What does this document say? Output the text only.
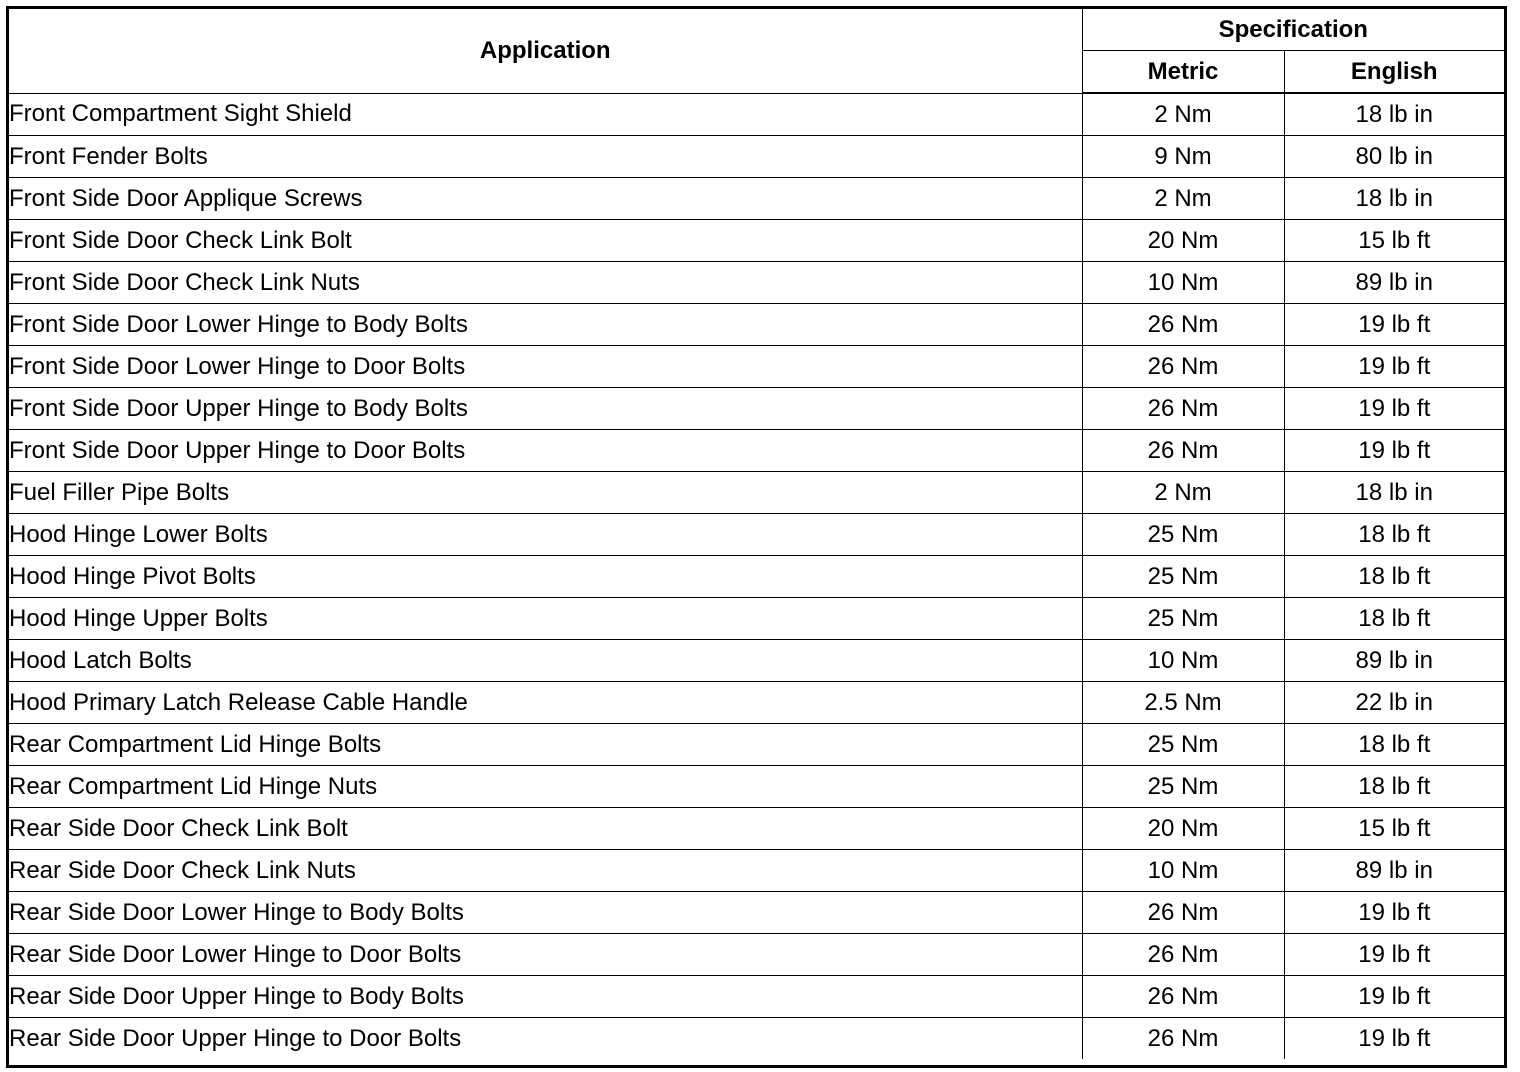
Application	Specification	
	Metric	English
Front Compartment Sight Shield	2 Nm	18 lb in
Front Fender Bolts	9 Nm	80 lb in
Front Side Door Applique Screws	2 Nm	18 lb in
Front Side Door Check Link Bolt	20 Nm	15 lb ft
Front Side Door Check Link Nuts	10 Nm	89 lb in
Front Side Door Lower Hinge to Body Bolts	26 Nm	19 lb ft
Front Side Door Lower Hinge to Door Bolts	26 Nm	19 lb ft
Front Side Door Upper Hinge to Body Bolts	26 Nm	19 lb ft
Front Side Door Upper Hinge to Door Bolts	26 Nm	19 lb ft
Fuel Filler Pipe Bolts	2 Nm	18 lb in
Hood Hinge Lower Bolts	25 Nm	18 lb ft
Hood Hinge Pivot Bolts	25 Nm	18 lb ft
Hood Hinge Upper Bolts	25 Nm	18 lb ft
Hood Latch Bolts	10 Nm	89 lb in
Hood Primary Latch Release Cable Handle	2.5 Nm	22 lb in
Rear Compartment Lid Hinge Bolts	25 Nm	18 lb ft
Rear Compartment Lid Hinge Nuts	25 Nm	18 lb ft
Rear Side Door Check Link Bolt	20 Nm	15 lb ft
Rear Side Door Check Link Nuts	10 Nm	89 lb in
Rear Side Door Lower Hinge to Body Bolts	26 Nm	19 lb ft
Rear Side Door Lower Hinge to Door Bolts	26 Nm	19 lb ft
Rear Side Door Upper Hinge to Body Bolts	26 Nm	19 lb ft
Rear Side Door Upper Hinge to Door Bolts	26 Nm	19 lb ft
